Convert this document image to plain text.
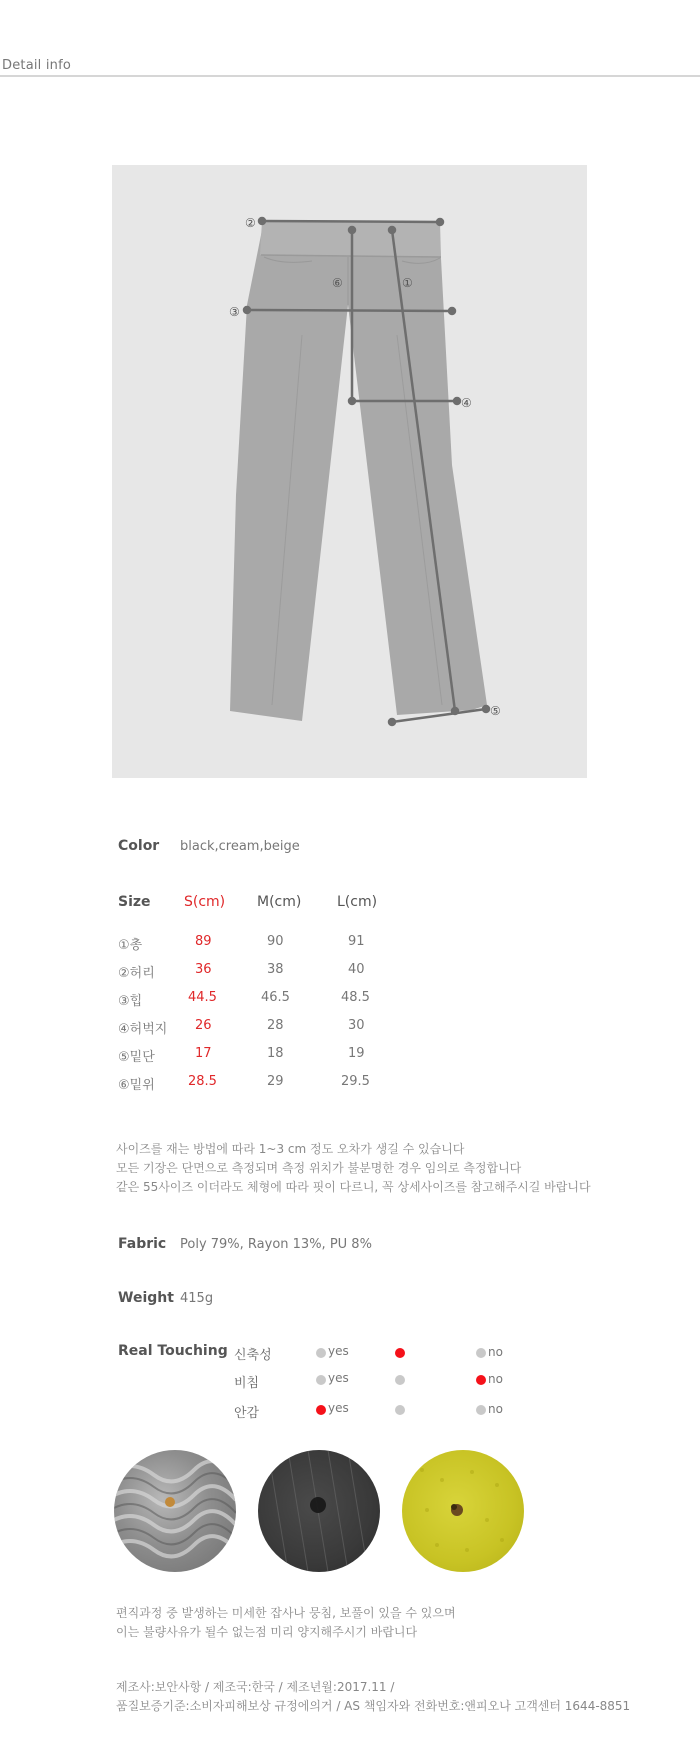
Detail info
①
②
③
④
⑤
⑥
Color black,cream,beige
Size S(cm) M(cm)	L(cm)
①총	89	90	91
②허리	36	38	40
③힙	44.5	46.5	48.5
④허벅지 26	28	30
⑤밑단	17	18	19
⑥밑위	28.5	29	29.5
사이즈를 재는 방법에 따라 1~3 cm 정도 오차가 생길 수 있습니다
모든 기장은 단면으로 측정되며 측정 위치가 불분명한 경우 임의로 측정합니다
같은 55사이즈 이더라도 체형에 따라 핏이 다르니, 꼭 상세사이즈를 참고해주시길 바랍니다
Fabric Poly 79%, Rayon 13%, PU 8%
Weight 415g
Real Touching 신축성	yes	no
비침	yes	no
안감	yes	no
편직과정 중 발생하는 미세한 잡사나 뭉침, 보풀이 있을 수 있으며
이는 불량사유가 될수 없는점 미리 양지해주시기 바랍니다
제조사:보안사항 / 제조국:한국 / 제조년월:2017.11 /
품질보증기준:소비자피해보상 규정에의거 / AS 책임자와 전화번호:앤피오나 고객센터 1644-8851
